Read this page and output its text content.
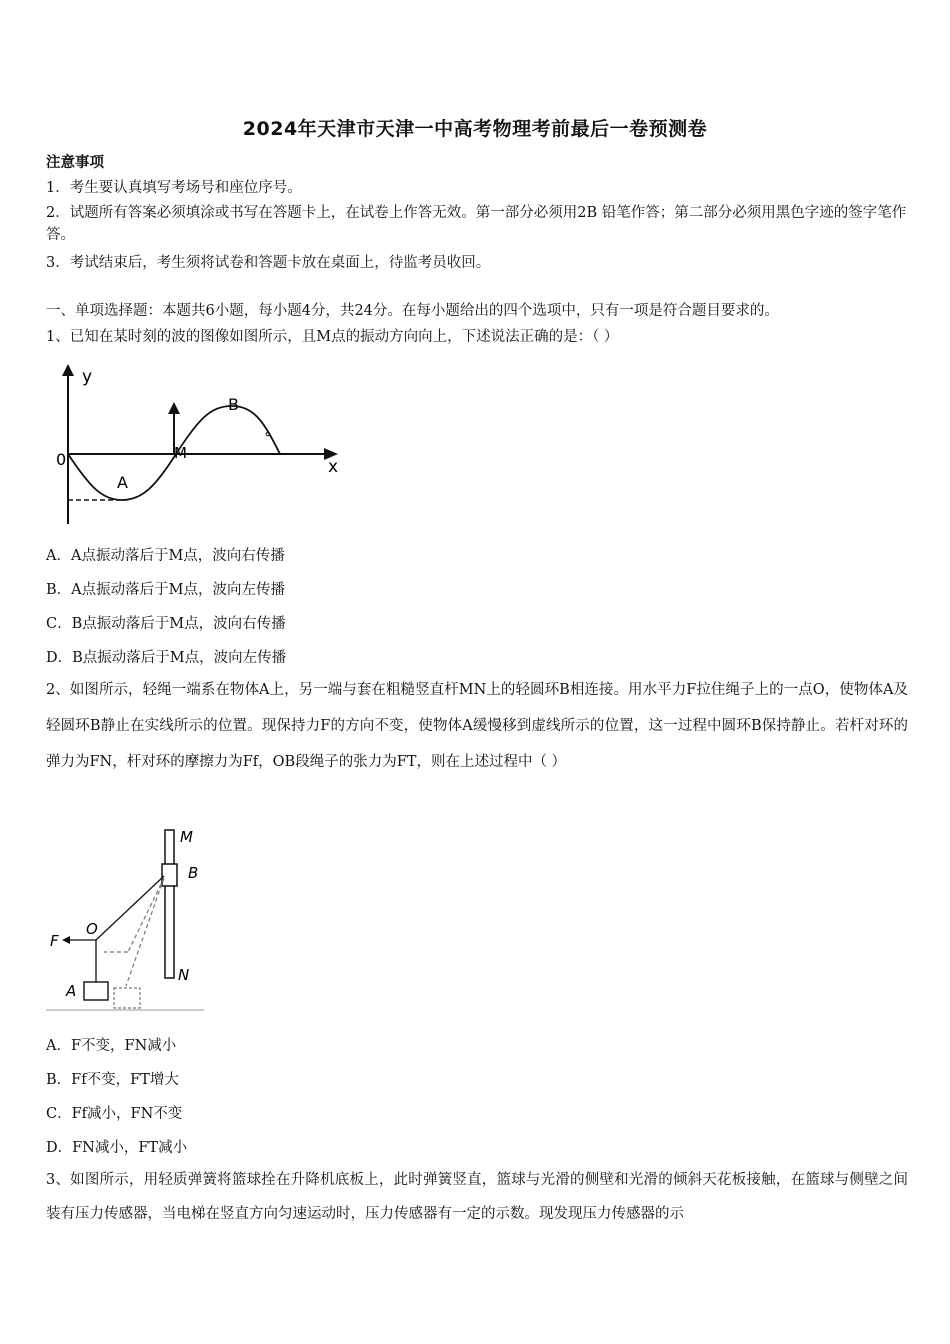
2024年天津市天津一中高考物理考前最后一卷预测卷
注意事项
1．考生要认真填写考场号和座位序号。
2．试题所有答案必须填涂或书写在答题卡上，在试卷上作答无效。第一部分必须用2B 铅笔作答；第二部分必须用黑色字迹的签字笔作答。
3．考试结束后，考生须将试卷和答题卡放在桌面上，待监考员收回。
一、单项选择题：本题共6小题，每小题4分，共24分。在每小题给出的四个选项中，只有一项是符合题目要求的。
1、已知在某时刻的波的图像如图所示，且M点的振动方向向上，下述说法正确的是：（ ）
y
x
0	M
A
B
A．A点振动落后于M点，波向右传播
B．A点振动落后于M点，波向左传播
C．B点振动落后于M点，波向右传播
D．B点振动落后于M点，波向左传播
2、如图所示，轻绳一端系在物体A上，另一端与套在粗糙竖直杆MN上的轻圆环B相连接。用水平力F拉住绳子上的一点O，使物体A及轻圆环B静止在实线所示的位置。现保持力F的方向不变，使物体A缓慢移到虚线所示的位置，这一过程中圆环B保持静止。若杆对环的弹力为FN，杆对环的摩擦力为Ff，OB段绳子的张力为FT，则在上述过程中（ ）
M
N
B
F
O
A
A．F不变，FN减小
B．Ff不变，FT增大
C．Ff减小，FN不变
D．FN减小，FT减小
3、如图所示，用轻质弹簧将篮球拴在升降机底板上，此时弹簧竖直，篮球与光滑的侧壁和光滑的倾斜天花板接触，在篮球与侧壁之间装有压力传感器，当电梯在竖直方向匀速运动时，压力传感器有一定的示数。现发现压力传感器的示
